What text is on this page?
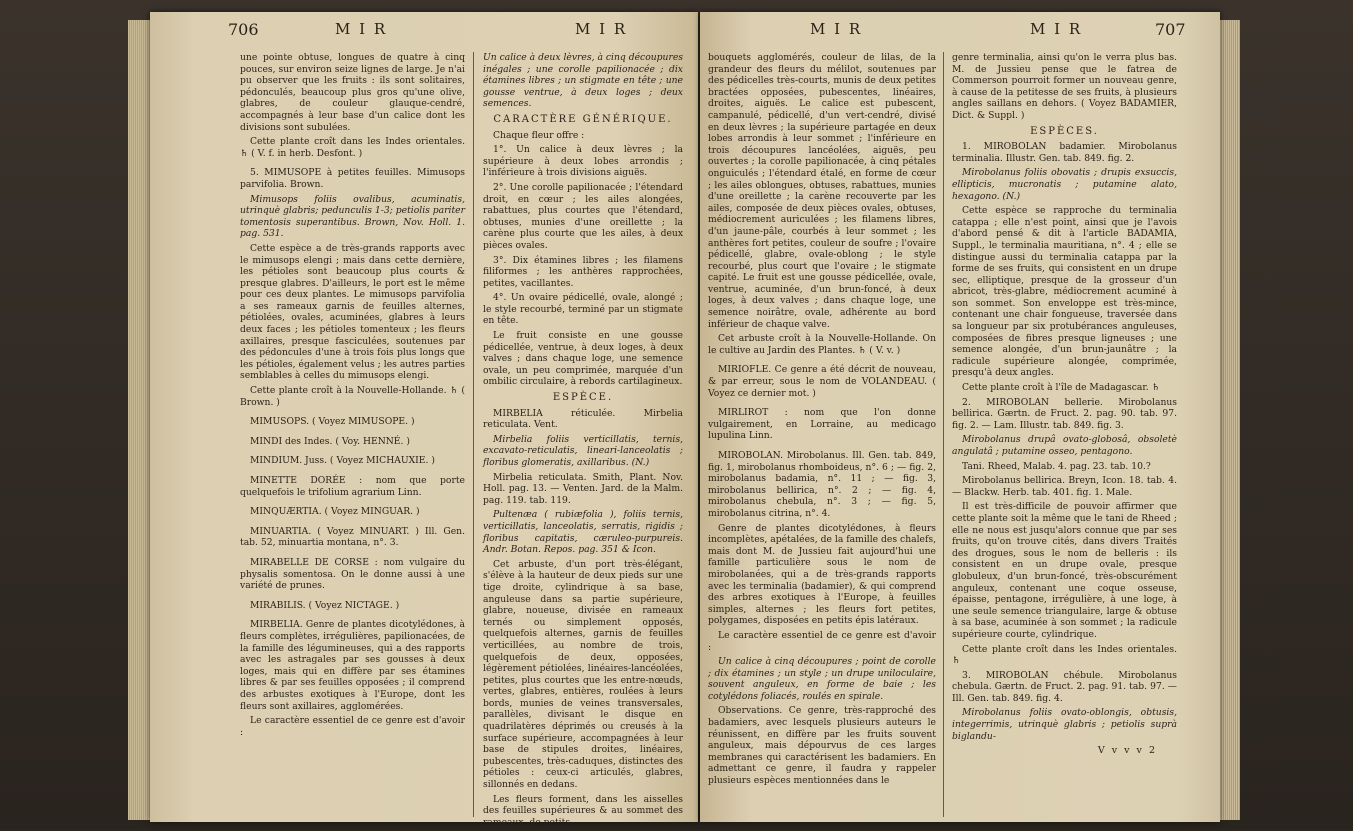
706	M I R	M I R

une pointe obtuse, longues de quatre à cinq pouces, sur environ seize lignes de large. Je n'ai pu observer que les fruits : ils sont solitaires, pédonculés, beaucoup plus gros qu'une olive, glabres, de couleur glauque-cendré, accompagnés à leur base d'un calice dont les divisions sont subulées.

Cette plante croît dans les Indes orientales. ♄ ( V. f. in herb. Desfont. )

5. MIMUSOPE à petites feuilles. Mimusops parvifolia. Brown.

Mimusops foliis ovalibus, acuminatis, utrinquè glabris; pedunculis 1-3; petiolis pariter tomentosis superantibus. Brown, Nov. Holl. 1. pag. 531.

Cette espèce a de très-grands rapports avec le mimusops elengi ; mais dans cette dernière, les pétioles sont beaucoup plus courts & presque glabres. D'ailleurs, le port est le même pour ces deux plantes. Le mimusops parvifolia a ses rameaux garnis de feuilles alternes, pétiolées, ovales, acuminées, glabres à leurs deux faces ; les pétioles tomenteux ; les fleurs axillaires, presque fasciculées, soutenues par des pédoncules d'une à trois fois plus longs que les pétioles, également velus ; les autres parties semblables à celles du mimusops elengi.

Cette plante croît à la Nouvelle-Hollande. ♄ ( Brown. )

MIMUSOPS. ( Voyez MIMUSOPE. )

MINDI des Indes. ( Voy. HENNÉ. )

MINDIUM. Juss. ( Voyez MICHAUXIE. )

MINETTE DORÉE : nom que porte quelquefois le trifolium agrarium Linn.

MINQUÆRTIA. ( Voyez MINGUAR. )

MINUARTIA. ( Voyez MINUART. ) Ill. Gen. tab. 52, minuartia montana, n°. 3.

MIRABELLE DE CORSE : nom vulgaire du physalis somentosa. On le donne aussi à une variété de prunes.

MIRABILIS. ( Voyez NICTAGE. )

MIRBELIA. Genre de plantes dicotylédones, à fleurs complètes, irrégulières, papilionacées, de la famille des légumineuses, qui a des rapports avec les astragales par ses gousses à deux loges, mais qui en diffère par ses étamines libres & par ses feuilles opposées ; il comprend des arbustes exotiques à l'Europe, dont les fleurs sont axillaires, agglomérées.

Le caractère essentiel de ce genre est d'avoir :

Un calice à deux lèvres, à cinq découpures inégales ; une corolle papilionacée ; dix étamines libres ; un stigmate en tête ; une gousse ventrue, à deux loges ; deux semences.

CARACTÈRE GÉNÉRIQUE.

Chaque fleur offre :

1°. Un calice à deux lèvres ; la supérieure à deux lobes arrondis ; l'inférieure à trois divisions aiguës.

2°. Une corolle papilionacée ; l'étendard droit, en cœur ; les ailes alongées, rabattues, plus courtes que l'étendard, obtuses, munies d'une oreillette ; la carène plus courte que les ailes, à deux pièces ovales.

3°. Dix étamines libres ; les filamens filiformes ; les anthères rapprochées, petites, vacillantes.

4°. Un ovaire pédicellé, ovale, alongé ; le style recourbé, terminé par un stigmate en tête.

Le fruit consiste en une gousse pédicellée, ventrue, à deux loges, à deux valves ; dans chaque loge, une semence ovale, un peu comprimée, marquée d'un ombilic circulaire, à rebords cartilagineux.

ESPÈCE.

MIRBELIA réticulée. Mirbelia reticulata. Vent.

Mirbelia foliis verticillatis, ternis, excavato-reticulatis, lineari-lanceolatis ; floribus glomeratis, axillaribus. (N.)

Mirbelia reticulata. Smith, Plant. Nov. Holl. pag. 13. — Venten. Jard. de la Malm. pag. 119. tab. 119.

Pultenæa ( rubiæfolia ), foliis ternis, verticillatis, lanceolatis, serratis, rigidis ; floribus capitatis, cæruleo-purpureis. Andr. Botan. Repos. pag. 351 & Icon.

Cet arbuste, d'un port très-élégant, s'élève à la hauteur de deux pieds sur une tige droite, cylindrique à sa base, anguleuse dans sa partie supérieure, glabre, noueuse, divisée en rameaux ternés ou simplement opposés, quelquefois alternes, garnis de feuilles verticillées, au nombre de trois, quelquefois de deux, opposées, légèrement pétiolées, linéaires-lancéolées, petites, plus courtes que les entre-nœuds, vertes, glabres, entières, roulées à leurs bords, munies de veines transversales, parallèles, divisant le disque en quadrilatères déprimés ou creusés à la surface supérieure, accompagnées à leur base de stipules droites, linéaires, pubescentes, très-caduques, distinctes des pétioles : ceux-ci articulés, glabres, sillonnés en dedans.

Les fleurs forment, dans les aisselles des feuilles supérieures & au sommet des rameaux, de petits

M I R	M I R	707

bouquets agglomérés, couleur de lilas, de la grandeur des fleurs du mélilot, soutenues par des pédicelles très-courts, munis de deux petites bractées opposées, pubescentes, linéaires, droites, aiguës. Le calice est pubescent, campanulé, pédicellé, d'un vert-cendré, divisé en deux lèvres ; la supérieure partagée en deux lobes arrondis à leur sommet ; l'inférieure en trois découpures lancéolées, aiguës, peu ouvertes ; la corolle papilionacée, à cinq pétales onguiculés ; l'étendard étalé, en forme de cœur ; les ailes oblongues, obtuses, rabattues, munies d'une oreillette ; la carène recouverte par les ailes, composée de deux pièces ovales, obtuses, médiocrement auriculées ; les filamens libres, d'un jaune-pâle, courbés à leur sommet ; les anthères fort petites, couleur de soufre ; l'ovaire pédicellé, glabre, ovale-oblong ; le style recourbé, plus court que l'ovaire ; le stigmate capité. Le fruit est une gousse pédicellée, ovale, ventrue, acuminée, d'un brun-foncé, à deux loges, à deux valves ; dans chaque loge, une semence noirâtre, ovale, adhérente au bord inférieur de chaque valve.

Cet arbuste croît à la Nouvelle-Hollande. On le cultive au Jardin des Plantes. ♄ ( V. v. )

MIRIOFLE. Ce genre a été décrit de nouveau, & par erreur, sous le nom de VOLANDEAU. ( Voyez ce dernier mot. )

MIRLIROT : nom que l'on donne vulgairement, en Lorraine, au medicago lupulina Linn.

MIROBOLAN. Mirobolanus. Ill. Gen. tab. 849, fig. 1, mirobolanus rhomboideus, n°. 6 ; — fig. 2, mirobolanus badamia, n°. 11 ; — fig. 3, mirobolanus bellirica, n°. 2 ; — fig. 4, mirobolanus chebula, n°. 3 ; — fig. 5, mirobolanus citrina, n°. 4.

Genre de plantes dicotylédones, à fleurs incomplètes, apétalées, de la famille des chalefs, mais dont M. de Jussieu fait aujourd'hui une famille particulière sous le nom de mirobolanées, qui a de très-grands rapports avec les terminalia (badamier), & qui comprend des arbres exotiques à l'Europe, à feuilles simples, alternes ; les fleurs fort petites, polygames, disposées en petits épis latéraux.

Le caractère essentiel de ce genre est d'avoir :

Un calice à cinq découpures ; point de corolle ; dix étamines ; un style ; un drupe uniloculaire, souvent anguleux, en forme de baie ; les cotylédons foliacés, roulés en spirale.

Observations. Ce genre, très-rapproché des badamiers, avec lesquels plusieurs auteurs le réunissent, en diffère par les fruits souvent anguleux, mais dépourvus de ces larges membranes qui caractérisent les badamiers. En admettant ce genre, il faudra y rappeler plusieurs espèces mentionnées dans le

genre terminalia, ainsi qu'on le verra plus bas. M. de Jussieu pense que le fatrea de Commerson pourroit former un nouveau genre, à cause de la petitesse de ses fruits, à plusieurs angles saillans en dehors. ( Voyez BADAMIER, Dict. & Suppl. )

ESPÈCES.

1. MIROBOLAN badamier. Mirobolanus terminalia. Illustr. Gen. tab. 849. fig. 2.

Mirobolanus foliis obovatis ; drupis exsuccis, ellipticis, mucronatis ; putamine alato, hexagono. (N.)

Cette espèce se rapproche du terminalia catappa ; elle n'est point, ainsi que je l'avois d'abord pensé & dit à l'article BADAMIA, Suppl., le terminalia mauritiana, n°. 4 ; elle se distingue aussi du terminalia catappa par la forme de ses fruits, qui consistent en un drupe sec, elliptique, presque de la grosseur d'un abricot, très-glabre, médiocrement acuminé à son sommet. Son enveloppe est très-mince, contenant une chair fongueuse, traversée dans sa longueur par six protubérances anguleuses, composées de fibres presque ligneuses ; une semence alongée, d'un brun-jaunâtre ; la radicule supérieure alongée, comprimée, presqu'à deux angles.

Cette plante croît à l'île de Madagascar. ♄

2. MIROBOLAN bellerie. Mirobolanus bellirica. Gærtn. de Fruct. 2. pag. 90. tab. 97. fig. 2. — Lam. Illustr. tab. 849. fig. 3.

Mirobolanus drupâ ovato-globosâ, obsoletè angulatâ ; putamine osseo, pentagono.

Tani. Rheed, Malab. 4. pag. 23. tab. 10.?

Mirobolanus bellirica. Breyn, Icon. 18. tab. 4. — Blackw. Herb. tab. 401. fig. 1. Male.

Il est très-difficile de pouvoir affirmer que cette plante soit la même que le tani de Rheed ; elle ne nous est jusqu'alors connue que par ses fruits, qu'on trouve cités, dans divers Traités des drogues, sous le nom de belleris : ils consistent en un drupe ovale, presque globuleux, d'un brun-foncé, très-obscurément anguleux, contenant une coque osseuse, épaisse, pentagone, irrégulière, à une loge, à une seule semence triangulaire, large & obtuse à sa base, acuminée à son sommet ; la radicule supérieure courte, cylindrique.

Cette plante croît dans les Indes orientales. ♄

3. MIROBOLAN chébule. Mirobolanus chebula. Gærtn. de Fruct. 2. pag. 91. tab. 97. — Ill. Gen. tab. 849. fig. 4.

Mirobolanus foliis ovato-oblongis, obtusis, integerrimis, utrinquè glabris ; petiolis suprà biglandu-

V v v v 2
